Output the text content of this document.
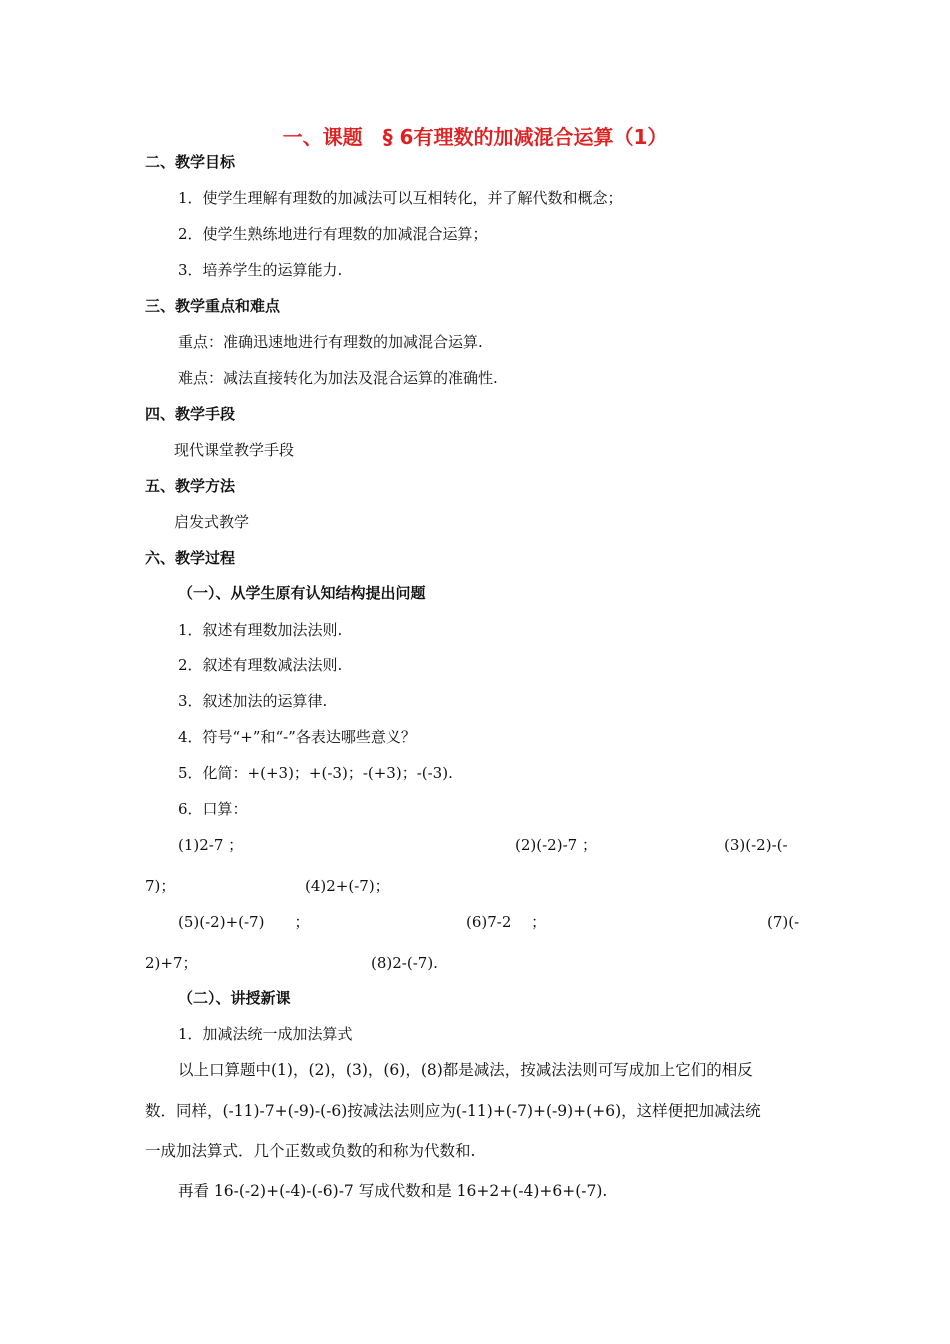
一、课题　§ 6有理数的加减混合运算（1）
二、教学目标
1．使学生理解有理数的加减法可以互相转化，并了解代数和概念；
2．使学生熟练地进行有理数的加减混合运算；
3．培养学生的运算能力.
三、教学重点和难点
重点：准确迅速地进行有理数的加减混合运算.
难点：减法直接转化为加法及混合运算的准确性.
四、教学手段
现代课堂教学手段
五、教学方法
启发式教学
六、教学过程
（一）、从学生原有认知结构提出问题
1．叙述有理数加法法则.
2．叙述有理数减法法则.
3．叙述加法的运算律.
4．符号“+”和“-”各表达哪些意义？
5．化简：+(+3)；+(-3)；-(+3)；-(-3).
6．口算：
(1)2-7 ；	(2)(-2)-7 ；	(3)(-2)-(-
7)；	(4)2+(-7)；
(5)(-2)+(-7)　　；	(6)7-2 　；	(7)(-
2)+7；	(8)2-(-7).
（二）、讲授新课
1．加减法统一成加法算式
以上口算题中(1)，(2)，(3)，(6)，(8)都是减法，按减法法则可写成加上它们的相反
数．同样，(-11)-7+(-9)-(-6)按减法法则应为(-11)+(-7)+(-9)+(+6)，这样便把加减法统
一成加法算式．几个正数或负数的和称为代数和.
再看 16-(-2)+(-4)-(-6)-7 写成代数和是 16+2+(-4)+6+(-7).
